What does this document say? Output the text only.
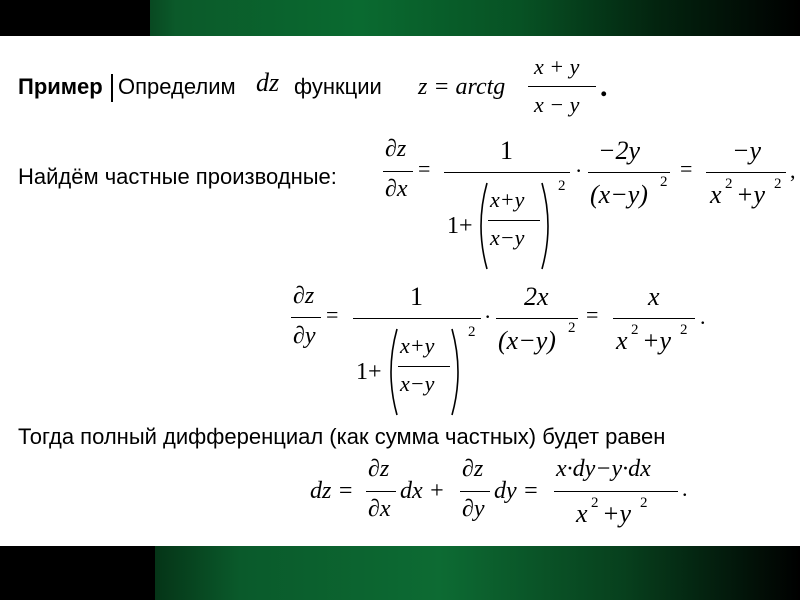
Пример Определим dz функции z = arctg
x + y
x − y
.
Найдём частные производные:
∂z
∂x
=
1
1+
x+y
x−y
2
·
−2y
(x−y) 2
=
−y
x 2 +y 2
,
∂z
∂y
=
1
1+
x+y
x−y
2
·
2x
(x−y) 2
=
x
x 2 +y 2
.
Тогда полный дифференциал (как сумма частных) будет равен
dz =
∂z
∂x
dx +
∂z
∂y
dy =
x·dy−y·dx
x 2 +y 2
.
